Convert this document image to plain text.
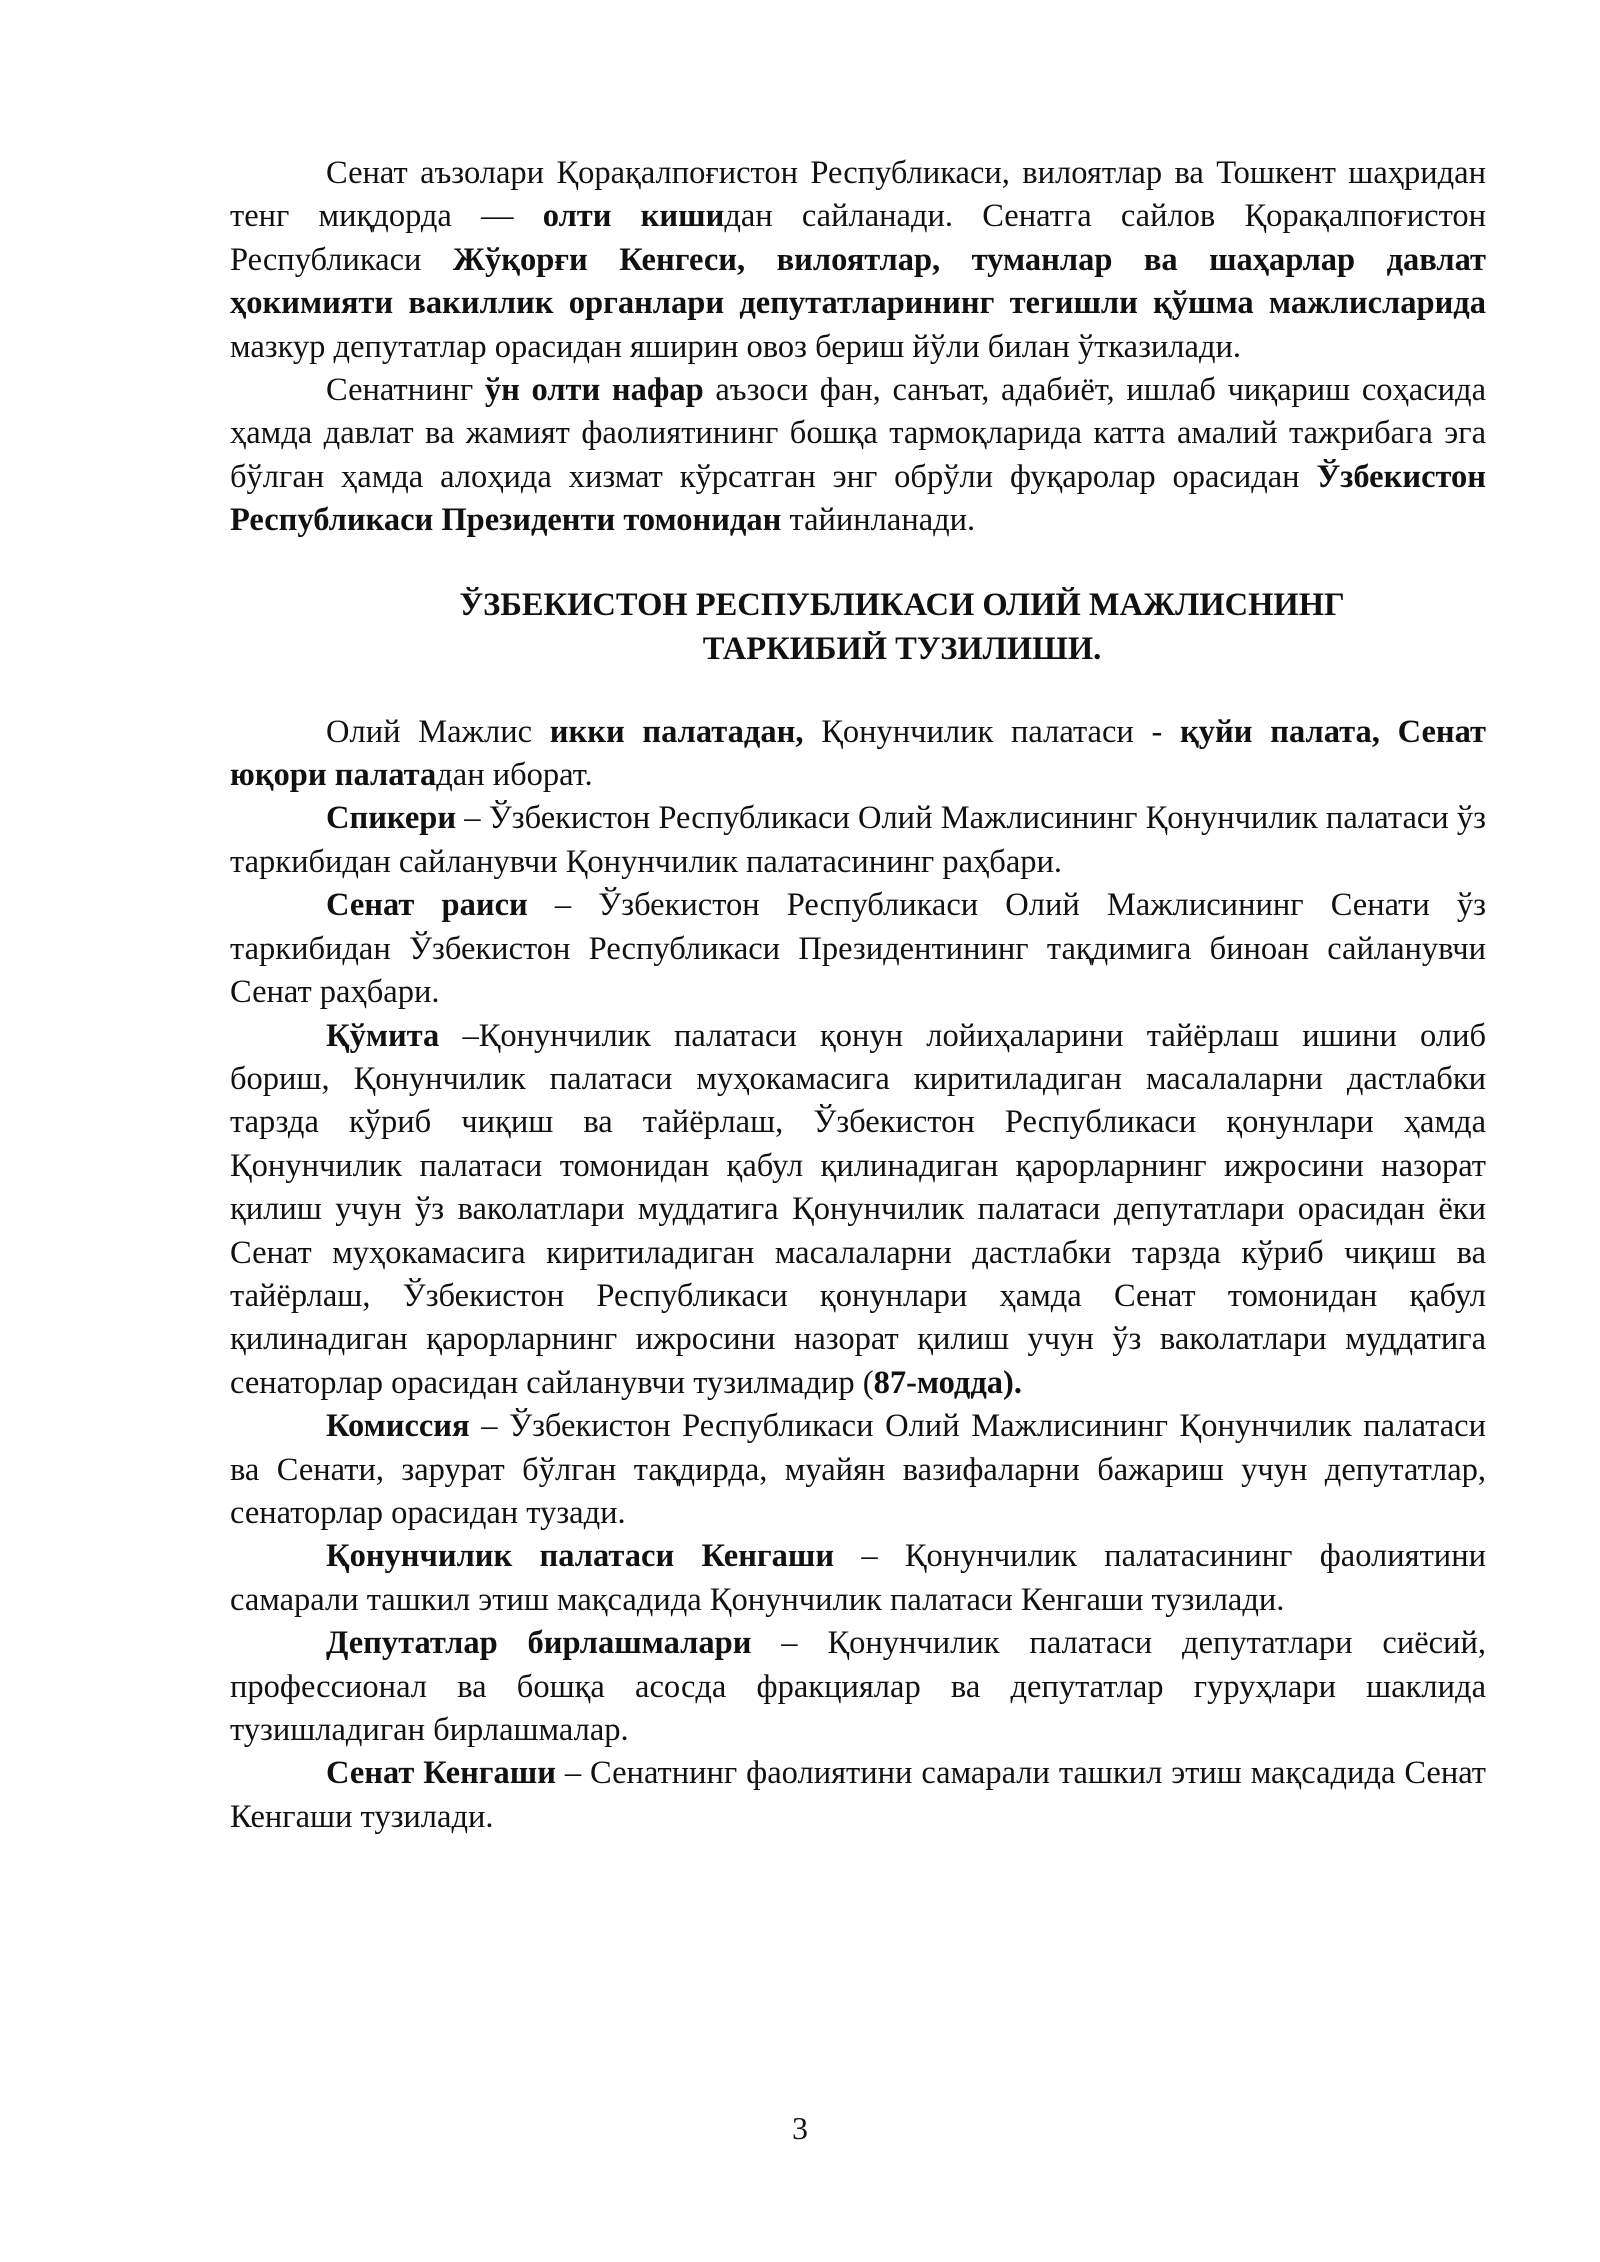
Сенат аъзолари Қорақалпоғистон Республикаси, вилоятлар ва Тошкент шаҳридан тенг миқдорда — олти кишидан сайланади. Сенатга сайлов Қорақалпоғистон Республикаси Жўқорғи Кенгеси, вилоятлар, туманлар ва шаҳарлар давлат ҳокимияти вакиллик органлари депутатларининг тегишли қўшма мажлисларида мазкур депутатлар орасидан яширин овоз бериш йўли билан ўтказилади.

Сенатнинг ўн олти нафар аъзоси фан, санъат, адабиёт, ишлаб чиқариш соҳасида ҳамда давлат ва жамият фаолиятининг бошқа тармоқларида катта амалий тажрибага эга бўлган ҳамда алоҳида хизмат кўрсатган энг обрўли фуқаролар орасидан Ўзбекистон Республикаси Президенти томонидан тайинланади.

ЎЗБЕКИСТОН РЕСПУБЛИКАСИ ОЛИЙ МАЖЛИСНИНГ
ТАРКИБИЙ ТУЗИЛИШИ.

Олий Мажлис икки палатадан, Қонунчилик палатаси - қуйи палата, Сенат юқори палатадан иборат.

Спикери – Ўзбекистон Республикаси Олий Мажлисининг Қонунчилик палатаси ўз таркибидан сайланувчи Қонунчилик палатасининг раҳбари.

Сенат раиси – Ўзбекистон Республикаси Олий Мажлисининг Сенати ўз таркибидан Ўзбекистон Республикаси Президентининг тақдимига биноан сайланувчи Сенат раҳбари.

Қўмита –Қонунчилик палатаси қонун лойиҳаларини тайёрлаш ишини олиб бориш, Қонунчилик палатаси муҳокамасига киритиладиган масалаларни дастлабки тарзда кўриб чиқиш ва тайёрлаш, Ўзбекистон Республикаси қонунлари ҳамда Қонунчилик палатаси томонидан қабул қилинадиган қарорларнинг ижросини назорат қилиш учун ўз ваколатлари муддатига Қонунчилик палатаси депутатлари орасидан ёки Сенат муҳокамасига киритиладиган масалаларни дастлабки тарзда кўриб чиқиш ва тайёрлаш, Ўзбекистон Республикаси қонунлари ҳамда Сенат томонидан қабул қилинадиган қарорларнинг ижросини назорат қилиш учун ўз ваколатлари муддатига сенаторлар орасидан сайланувчи тузилмадир (87-модда).

Комиссия – Ўзбекистон Республикаси Олий Мажлисининг Қонунчилик палатаси ва Сенати, зарурат бўлган тақдирда, муайян вазифаларни бажариш учун депутатлар, сенаторлар орасидан тузади.

Қонунчилик палатаси Кенгаши – Қонунчилик палатасининг фаолиятини самарали ташкил этиш мақсадида Қонунчилик палатаси Кенгаши тузилади.

Депутатлар бирлашмалари – Қонунчилик палатаси депутатлари сиёсий, профессионал ва бошқа асосда фракциялар ва депутатлар гуруҳлари шаклида тузишладиган бирлашмалар.

Сенат Кенгаши – Сенатнинг фаолиятини самарали ташкил этиш мақсадида Сенат Кенгаши тузилади.

3
